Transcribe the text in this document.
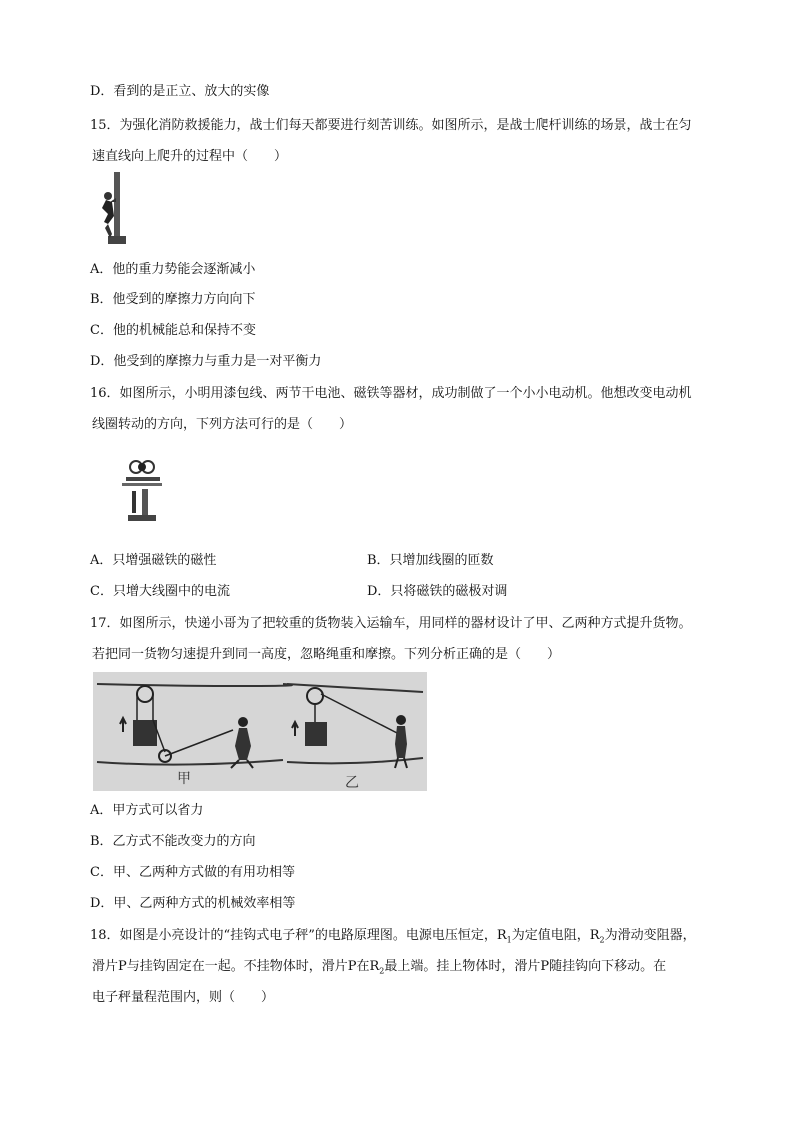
D．看到的是正立、放大的实像
15．为强化消防救援能力，战士们每天都要进行刻苦训练。如图所示，是战士爬杆训练的场景，战士在匀
速直线向上爬升的过程中（　　）
A．他的重力势能会逐渐减小
B．他受到的摩擦力方向向下
C．他的机械能总和保持不变
D．他受到的摩擦力与重力是一对平衡力
16．如图所示，小明用漆包线、两节干电池、磁铁等器材，成功制做了一个小小电动机。他想改变电动机
线圈转动的方向，下列方法可行的是（　　）
A．只增强磁铁的磁性	B．只增加线圈的匝数
C．只增大线圈中的电流	D．只将磁铁的磁极对调
17．如图所示，快递小哥为了把较重的货物装入运输车，用同样的器材设计了甲、乙两种方式提升货物。
若把同一货物匀速提升到同一高度，忽略绳重和摩擦。下列分析正确的是（　　）
甲	乙
A．甲方式可以省力
B．乙方式不能改变力的方向
C．甲、乙两种方式做的有用功相等
D．甲、乙两种方式的机械效率相等
18．如图是小亮设计的“挂钩式电子秤”的电路原理图。电源电压恒定，$R_1$为定值电阻，$R_2$为滑动变阻器，
滑片P与挂钩固定在一起。不挂物体时，滑片P在$R_2$最上端。挂上物体时，滑片P随挂钩向下移动。在
电子秤量程范围内，则（　　）
